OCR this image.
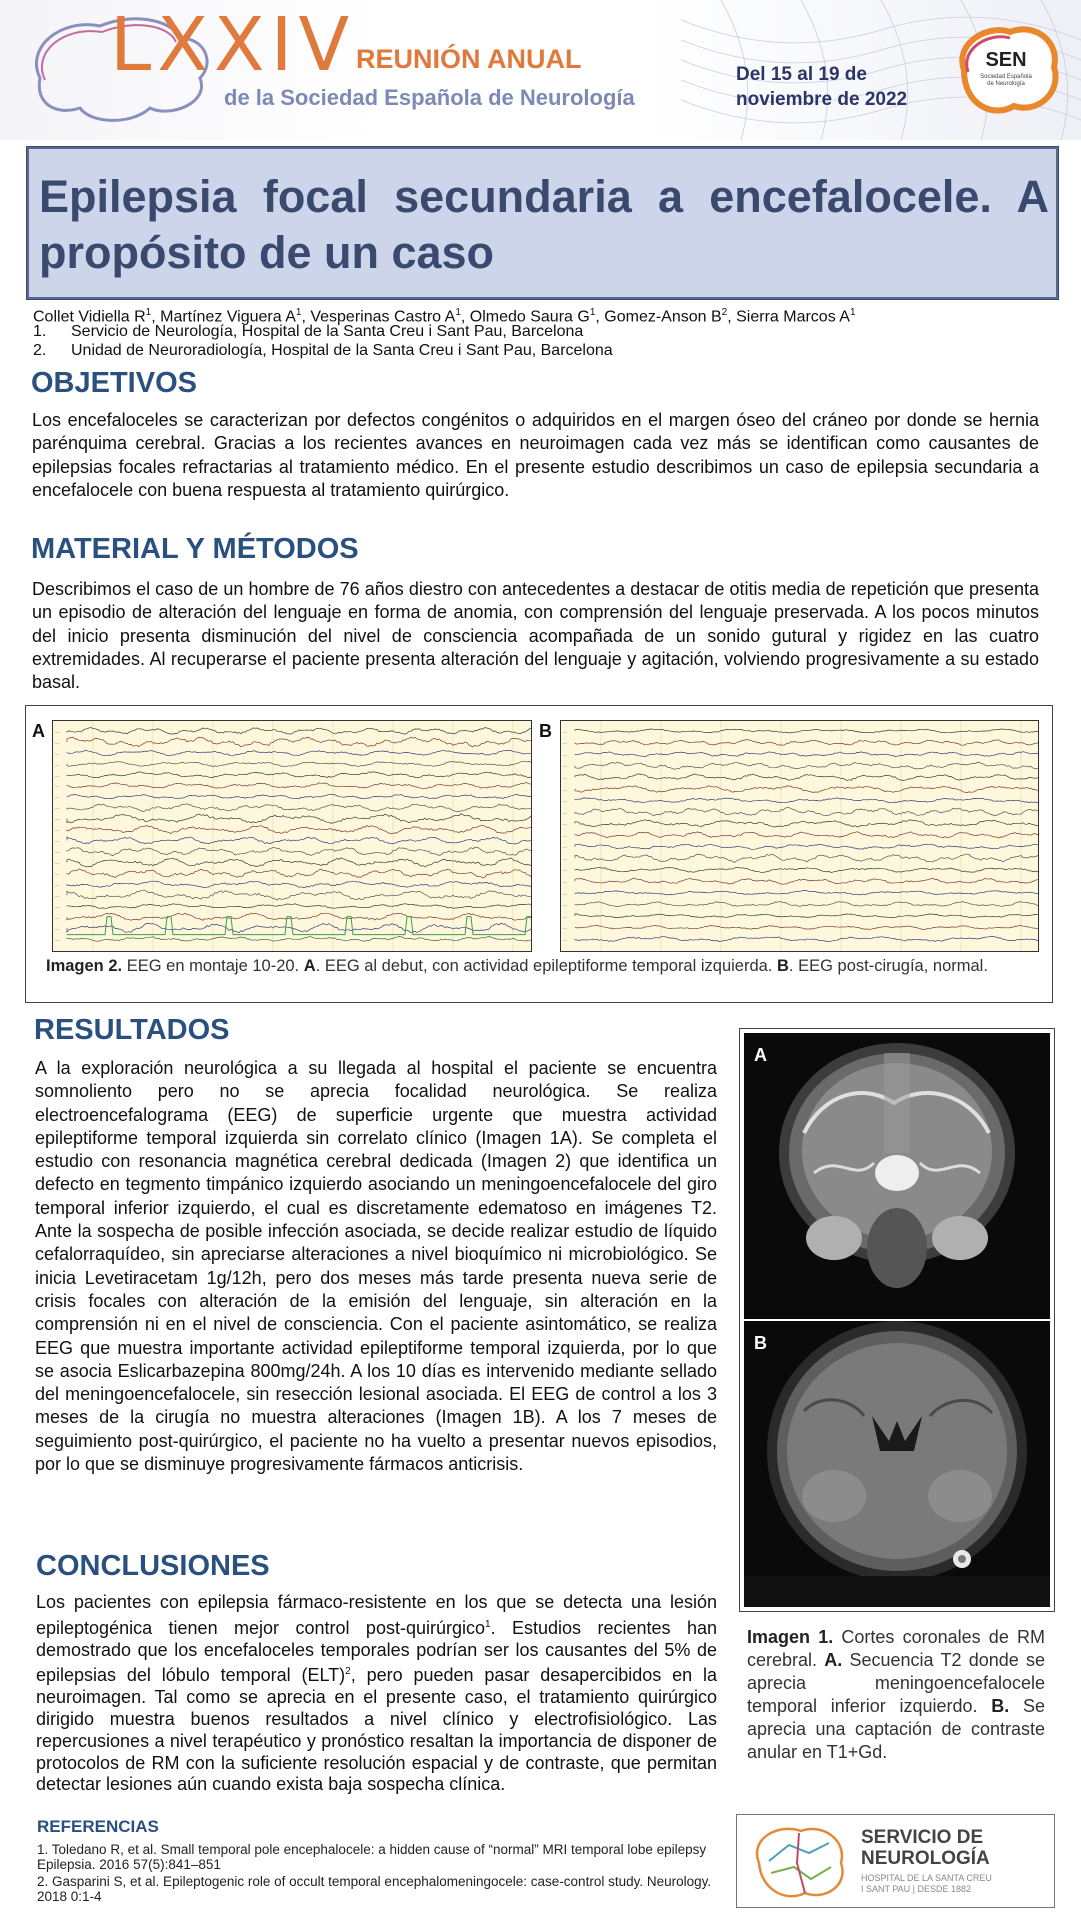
LXXIV REUNIÓN ANUAL
de la Sociedad Española de Neurología
Del 15 al 19 de
noviembre de 2022
SEN
Sociedad Española
de Neurología
Epilepsia focal secundaria a encefalocele. A propósito de un caso
Collet Vidiella $R^1$, Martínez Viguera $A^1$, Vesperinas Castro $A^1$, Olmedo Saura $G^1$, Gomez-Anson $B^2$, Sierra Marcos $A^1$
1. Servicio de Neurología, Hospital de la Santa Creu i Sant Pau, Barcelona
2. Unidad de Neuroradiología, Hospital de la Santa Creu i Sant Pau, Barcelona
OBJETIVOS
Los encefaloceles se caracterizan por defectos congénitos o adquiridos en el margen óseo del cráneo por donde se hernia parénquima cerebral. Gracias a los recientes avances en neuroimagen cada vez más se identifican como causantes de epilepsias focales refractarias al tratamiento médico. En el presente estudio describimos un caso de epilepsia secundaria a encefalocele con buena respuesta al tratamiento quirúrgico.
MATERIAL Y MÉTODOS
Describimos el caso de un hombre de 76 años diestro con antecedentes a destacar de otitis media de repetición que presenta un episodio de alteración del lenguaje en forma de anomia, con comprensión del lenguaje preservada. A los pocos minutos del inicio presenta disminución del nivel de consciencia acompañada de un sonido gutural y rigidez en las cuatro extremidades. Al recuperarse el paciente presenta alteración del lenguaje y agitación, volviendo progresivamente a su estado basal.
A	—
—
—
—
—
—
—
—
—
—
—
—
—
—
—
—
—
—
—
—
B	—
—
—
—
—
—
—
—
—
—
—
—
—
—
—
—
—
—
—
Imagen 2. EEG en montaje 10-20. A. EEG al debut, con actividad epileptiforme temporal izquierda. B. EEG post-cirugía, normal.
RESULTADOS
A la exploración neurológica a su llegada al hospital el paciente se encuentra somnoliento pero no se aprecia focalidad neurológica. Se realiza electroencefalograma (EEG) de superficie urgente que muestra actividad epileptiforme temporal izquierda sin correlato clínico (Imagen 1A). Se completa el estudio con resonancia magnética cerebral dedicada (Imagen 2) que identifica un defecto en tegmento timpánico izquierdo asociando un meningoencefalocele del giro temporal inferior izquierdo, el cual es discretamente edematoso en imágenes T2. Ante la sospecha de posible infección asociada, se decide realizar estudio de líquido cefalorraquídeo, sin apreciarse alteraciones a nivel bioquímico ni microbiológico. Se inicia Levetiracetam 1g/12h, pero dos meses más tarde presenta nueva serie de crisis focales con alteración de la emisión del lenguaje, sin alteración en la comprensión ni en el nivel de consciencia. Con el paciente asintomático, se realiza EEG que muestra importante actividad epileptiforme temporal izquierda, por lo que se asocia Eslicarbazepina 800mg/24h. A los 10 días es intervenido mediante sellado del meningoencefalocele, sin resección lesional asociada. El EEG de control a los 3 meses de la cirugía no muestra alteraciones (Imagen 1B). A los 7 meses de seguimiento post-quirúrgico, el paciente no ha vuelto a presentar nuevos episodios, por lo que se disminuye progresivamente fármacos anticrisis.
CONCLUSIONES
Los pacientes con epilepsia fármaco-resistente en los que se detecta una lesión epileptogénica tienen mejor control post-quirúrgico$^1$. Estudios recientes han demostrado que los encefaloceles temporales podrían ser los causantes del 5% de epilepsias del lóbulo temporal (ELT)$^2$, pero pueden pasar desapercibidos en la neuroimagen. Tal como se aprecia en el presente caso, el tratamiento quirúrgico dirigido muestra buenos resultados a nivel clínico y electrofisiológico. Las repercusiones a nivel terapéutico y pronóstico resaltan la importancia de disponer de protocolos de RM con la suficiente resolución espacial y de contraste, que permitan detectar lesiones aún cuando exista baja sospecha clínica.
A
B
Imagen 1. Cortes coronales de RM cerebral. A. Secuencia T2 donde se aprecia meningoencefalocele temporal inferior izquierdo. B. Se aprecia una captación de contraste anular en T1+Gd.
REFERENCIAS
1. Toledano R, et al. Small temporal pole encephalocele: a hidden cause of “normal” MRI temporal lobe epilepsy Epilepsia. 2016 57(5):841–851
2. Gasparini S, et al. Epileptogenic role of occult temporal encephalomeningocele: case-control study. Neurology. 2018 0:1-4
SERVICIO DE
NEUROLOGÍA
HOSPITAL DE LA SANTA CREU
I SANT PAU | DESDE 1882
